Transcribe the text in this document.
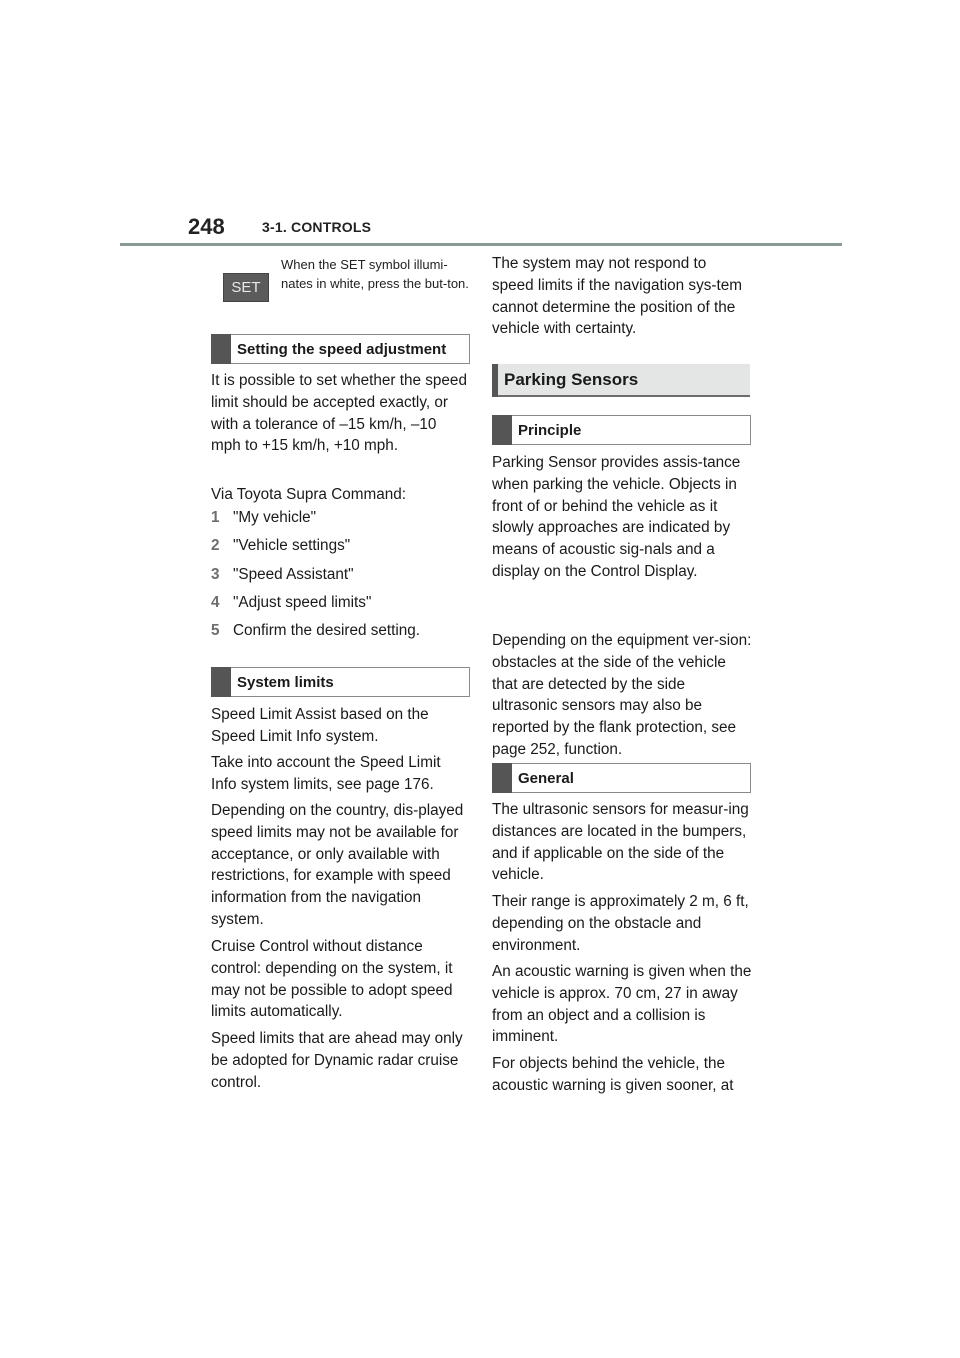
248	3-1. CONTROLS
SET
When the SET symbol illumi-nates in white, press the but-ton.
Setting the speed adjustment
It is possible to set whether the speed limit should be accepted exactly, or with a tolerance of –15 km/h, –10 mph to +15 km/h, +10 mph.
Via Toyota Supra Command:
1 "My vehicle"
2 "Vehicle settings"
3 "Speed Assistant"
4 "Adjust speed limits"
5 Confirm the desired setting.
System limits
Speed Limit Assist based on the Speed Limit Info system.
Take into account the Speed Limit Info system limits, see page 176.
Depending on the country, dis-played speed limits may not be available for acceptance, or only available with restrictions, for example with speed information from the navigation system.
Cruise Control without distance control: depending on the system, it may not be possible to adopt speed limits automatically.
Speed limits that are ahead may only be adopted for Dynamic radar cruise control.
The system may not respond to speed limits if the navigation sys-tem cannot determine the position of the vehicle with certainty.
Parking Sensors
Principle
Parking Sensor provides assis-tance when parking the vehicle. Objects in front of or behind the vehicle as it slowly approaches are indicated by means of acoustic sig-nals and a display on the Control Display.
Depending on the equipment ver-sion: obstacles at the side of the vehicle that are detected by the side ultrasonic sensors may also be reported by the flank protection, see page 252, function.
General
The ultrasonic sensors for measur-ing distances are located in the bumpers, and if applicable on the side of the vehicle.
Their range is approximately 2 m, 6 ft, depending on the obstacle and environment.
An acoustic warning is given when the vehicle is approx. 70 cm, 27 in away from an object and a collision is imminent.
For objects behind the vehicle, the acoustic warning is given sooner, at
